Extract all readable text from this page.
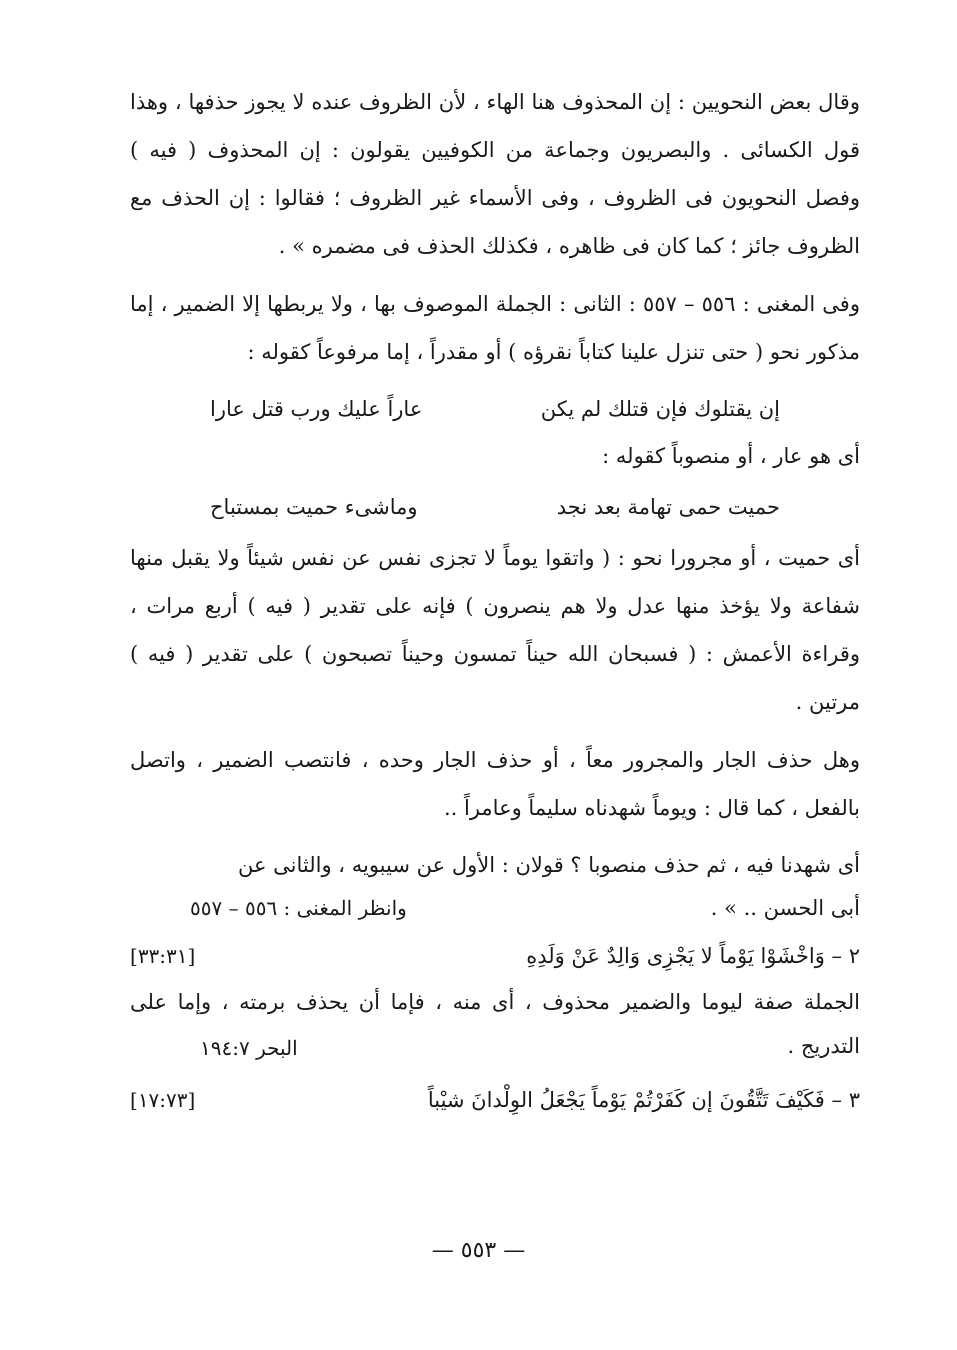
وقال بعض النحويين : إن المحذوف هنا الهاء ، لأن الظروف عنده لا يجوز حذفها ، وهذا قول الكسائى . والبصريون وجماعة من الكوفيين يقولون : إن المحذوف ( فيه ) وفصل النحويون فى الظروف ، وفى الأسماء غير الظروف ؛ فقالوا : إن الحذف مع الظروف جائز ؛ كما كان فى ظاهره ، فكذلك الحذف فى مضمره » .

وفى المغنى : ٥٥٦ – ٥٥٧ : الثانى : الجملة الموصوف بها ، ولا يربطها إلا الضمير ، إما مذكور نحو ( حتى تنزل علينا كتاباً نقرؤه ) أو مقدراً ، إما مرفوعاً كقوله :

إن يقتلوك فإن قتلك لم يكن
عاراً عليك ورب قتل عارا

أى هو عار ، أو منصوباً كقوله :

حميت حمى تهامة بعد نجد
وماشىء حميت بمستباح

أى حميت ، أو مجرورا نحو : ( واتقوا يوماً لا تجزى نفس عن نفس شيئاً ولا يقبل منها شفاعة ولا يؤخذ منها عدل ولا هم ينصرون ) فإنه على تقدير ( فيه ) أربع مرات ، وقراءة الأعمش : ( فسبحان الله حيناً تمسون وحيناً تصبحون ) على تقدير ( فيه ) مرتين .

وهل حذف الجار والمجرور معاً ، أو حذف الجار وحده ، فانتصب الضمير ، واتصل بالفعل ، كما قال : ويوماً شهدناه سليماً وعامراً ..

أى شهدنا فيه ، ثم حذف منصوبا ؟ قولان : الأول عن سيبويه ، والثانى عن

أبى الحسن .. » .
وانظر المغنى : ٥٥٦ – ٥٥٧
٢ – وَاخْشَوْا يَوْماً لا يَجْزِى وَالِدٌ عَنْ وَلَدِهِ
[٣٣:٣١]

الجملة صفة ليوما والضمير محذوف ، أى منه ، فإما أن يحذف برمته ، وإما على التدريج .

البحر ١٩٤:٧
٣ – فَكَيْفَ تَتَّقُونَ إن كَفَرْتُمْ يَوْماً يَجْعَلُ الوِلْدانَ شيْباً
[١٧:٧٣]
— ٥٥٣ —
